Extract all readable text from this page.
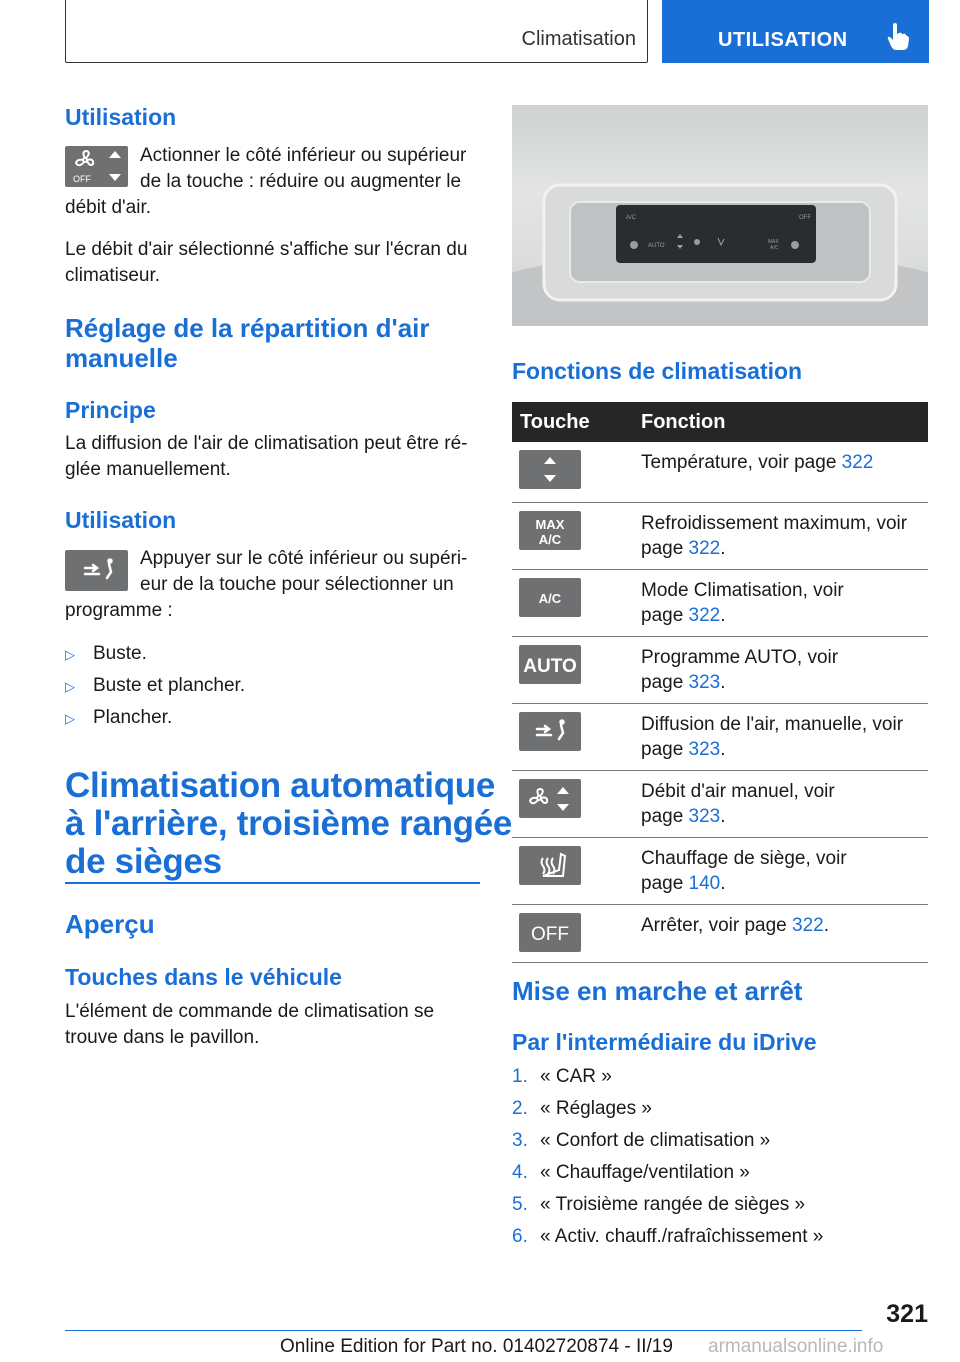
Climatisation	UTILISATION
Utilisation
OFF
Actionner le côté inférieur ou supérieur
de la touche : réduire ou augmenter le
débit d'air.
Le débit d'air sélectionné s'affiche sur l'écran du
climatiseur.
Réglage de la répartition d'air
manuelle
Principe
La diffusion de l'air de climatisation peut être ré-
glée manuellement.
Utilisation
Appuyer sur le côté inférieur ou supéri-
eur de la touche pour sélectionner un
programme :
▷ Buste.
▷ Buste et plancher.
▷ Plancher.
Climatisation automatique
à l'arrière, troisième rangée
de sièges
Aperçu
Touches dans le véhicule
L'élément de commande de climatisation se
trouve dans le pavillon.
A/C	OFF
AUTO
MAX
A/C
Fonctions de climatisation
Touche	Fonction

	Température, voir page 322

MAX
A/C	Refroidissement maximum, voir
page 322.

A/C	Mode Climatisation, voir
page 322.

AUTO	Programme AUTO, voir
page 323.

	Diffusion de l'air, manuelle, voir
page 323.

	Débit d'air manuel, voir
page 323.

	Chauffage de siège, voir
page 140.

OFF	Arrêter, voir page 322.
Mise en marche et arrêt
Par l'intermédiaire du iDrive
1. « CAR »
2. « Réglages »
3. « Confort de climatisation »
4. « Chauffage/ventilation »
5. « Troisième rangée de sièges »
6. « Activ. chauff./rafraîchissement »
321
Online Edition for Part no. 01402720874 - II/19 armanualsonline.info
